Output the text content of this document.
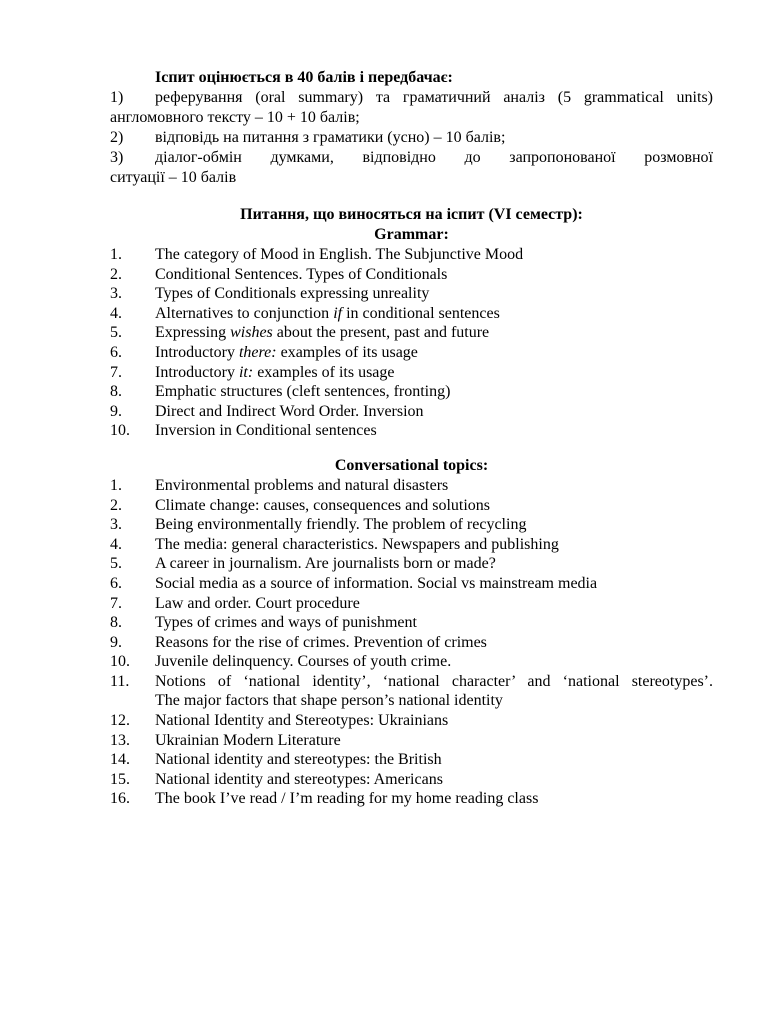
Іспит оцінюється в 40 балів і передбачає:
1) реферування (oral summary) та граматичний аналіз (5 grammatical units)
англомовного тексту – 10 + 10 балів;
2) відповідь на питання з граматики (усно) – 10 балів;
3) діалог-обмін думками, відповідно до запропонованої розмовної
ситуації – 10 балів
Питання, що виносяться на іспит (VI семестр):
Grammar:
1.	The category of Mood in English. The Subjunctive Mood
2.	Conditional Sentences. Types of Conditionals
3.	Types of Conditionals expressing unreality
4.	Alternatives to conjunction if in conditional sentences
5.	Expressing wishes about the present, past and future
6.	Introductory there: examples of its usage
7.	Introductory it: examples of its usage
8.	Emphatic structures (cleft sentences, fronting)
9.	Direct and Indirect Word Order. Inversion
10.	Inversion in Conditional sentences
Conversational topics:
1.	Environmental problems and natural disasters
2.	Climate change: causes, consequences and solutions
3.	Being environmentally friendly. The problem of recycling
4.	The media: general characteristics. Newspapers and publishing
5.	A career in journalism. Are journalists born or made?
6.	Social media as a source of information. Social vs mainstream media
7.	Law and order. Court procedure
8.	Types of crimes and ways of punishment
9.	Reasons for the rise of crimes. Prevention of crimes
10.	Juvenile delinquency. Courses of youth crime.
11.	Notions of ‘national identity’, ‘national character’ and ‘national stereotypes’.
The major factors that shape person’s national identity
12.	National Identity and Stereotypes: Ukrainians
13.	Ukrainian Modern Literature
14.	National identity and stereotypes: the British
15.	National identity and stereotypes: Americans
16.	The book I’ve read / I’m reading for my home reading class
